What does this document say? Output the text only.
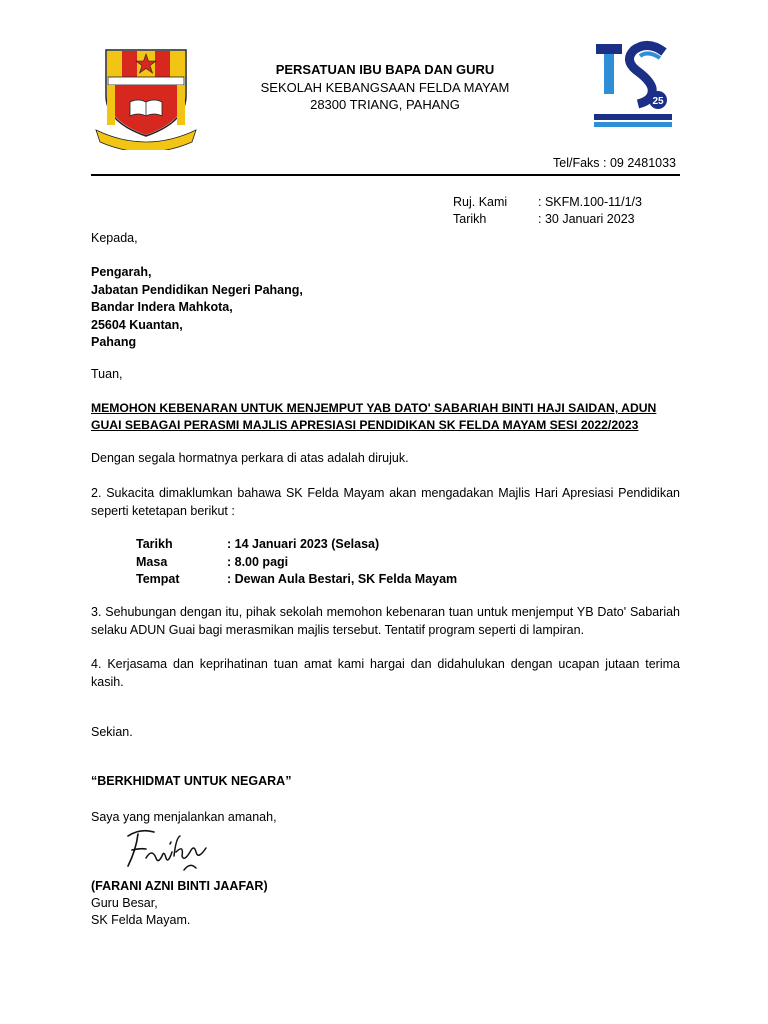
25
PERSATUAN IBU BAPA DAN GURU
SEKOLAH KEBANGSAAN FELDA MAYAM
28300 TRIANG, PAHANG
Tel/Faks : 09 2481033
Ruj. Kami : SKFM.100-11/1/3
Tarikh	: 30 Januari 2023
Kepada,
Pengarah,
Jabatan Pendidikan Negeri Pahang,
Bandar Indera Mahkota,
25604 Kuantan,
Pahang
Tuan,
MEMOHON KEBENARAN UNTUK MENJEMPUT YAB DATO' SABARIAH BINTI HAJI SAIDAN, ADUN
GUAI SEBAGAI PERASMI MAJLIS APRESIASI PENDIDIKAN SK FELDA MAYAM SESI 2022/2023
Dengan segala hormatnya perkara di atas adalah dirujuk.
2. Sukacita dimaklumkan bahawa SK Felda Mayam akan mengadakan Majlis Hari Apresiasi Pendidikan seperti ketetapan berikut :
Tarikh	: 14 Januari 2023 (Selasa)
Masa	: 8.00 pagi
Tempat	: Dewan Aula Bestari, SK Felda Mayam
3. Sehubungan dengan itu, pihak sekolah memohon kebenaran tuan untuk menjemput YB Dato' Sabariah selaku ADUN Guai bagi merasmikan majlis tersebut. Tentatif program seperti di lampiran.
4. Kerjasama dan keprihatinan tuan amat kami hargai dan didahulukan dengan ucapan jutaan terima kasih.
Sekian.
“BERKHIDMAT UNTUK NEGARA”
Saya yang menjalankan amanah,
(FARANI AZNI BINTI JAAFAR)
Guru Besar,
SK Felda Mayam.
